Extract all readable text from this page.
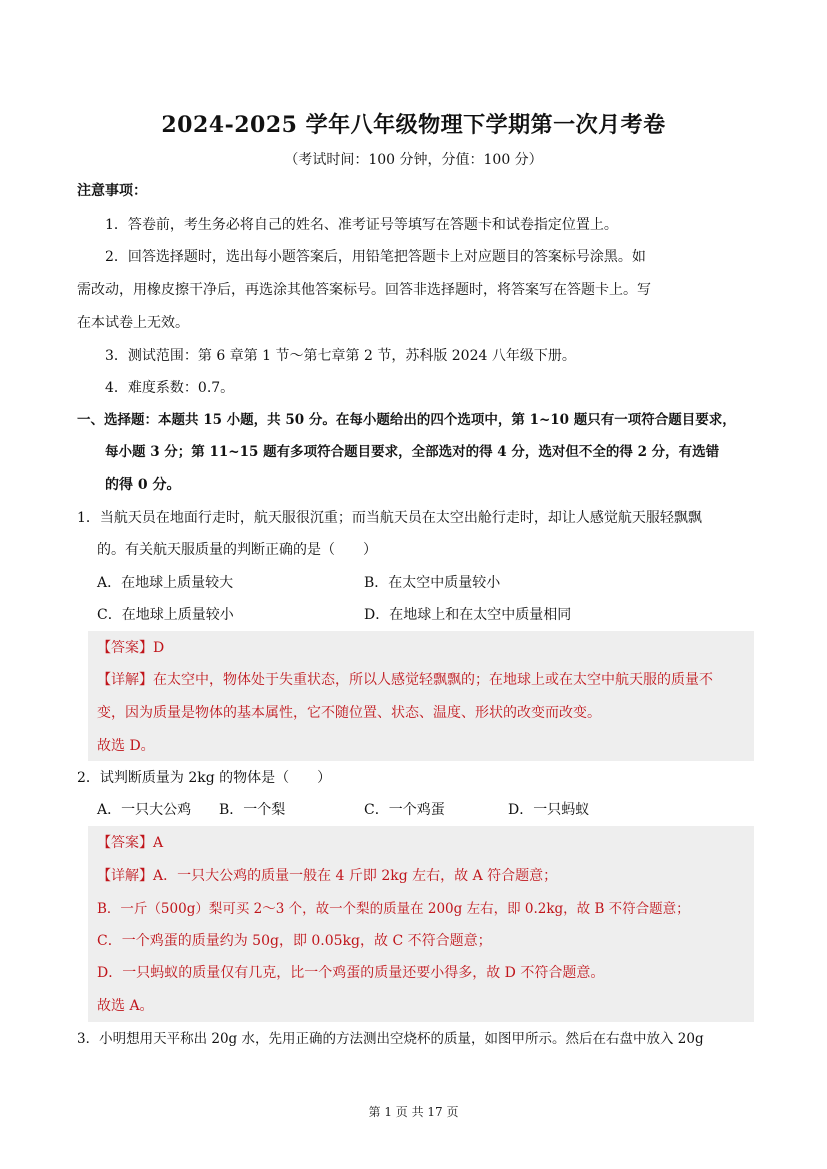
2024-2025 学年八年级物理下学期第一次月考卷
（考试时间：100 分钟，分值：100 分）
注意事项：
1．答卷前，考生务必将自己的姓名、准考证号等填写在答题卡和试卷指定位置上。
2．回答选择题时，选出每小题答案后，用铅笔把答题卡上对应题目的答案标号涂黑。如
需改动，用橡皮擦干净后，再选涂其他答案标号。回答非选择题时，将答案写在答题卡上。写
在本试卷上无效。
3．测试范围：第 6 章第 1 节～第七章第 2 节，苏科版 2024 八年级下册。
4．难度系数：0.7。
一、选择题：本题共 15 小题，共 50 分。在每小题给出的四个选项中，第 1~10 题只有一项符合题目要求，
每小题 3 分；第 11~15 题有多项符合题目要求，全部选对的得 4 分，选对但不全的得 2 分，有选错
的得 0 分。
1．当航天员在地面行走时，航天服很沉重；而当航天员在太空出舱行走时，却让人感觉航天服轻飘飘
的。有关航天服质量的判断正确的是（　　）
A．在地球上质量较大	B．在太空中质量较小
C．在地球上质量较小	D．在地球上和在太空中质量相同
【答案】D
【详解】在太空中，物体处于失重状态，所以人感觉轻飘飘的；在地球上或在太空中航天服的质量不
变，因为质量是物体的基本属性，它不随位置、状态、温度、形状的改变而改变。
故选 D。
2．试判断质量为 2kg 的物体是（　　）
A．一只大公鸡 B．一个梨	C．一个鸡蛋	D．一只蚂蚁
【答案】A
【详解】A．一只大公鸡的质量一般在 4 斤即 2kg 左右，故 A 符合题意；
B．一斤（500g）梨可买 2～3 个，故一个梨的质量在 200g 左右，即 0.2kg，故 B 不符合题意；
C．一个鸡蛋的质量约为 50g，即 0.05kg，故 C 不符合题意；
D．一只蚂蚁的质量仅有几克，比一个鸡蛋的质量还要小得多，故 D 不符合题意。
故选 A。
3．小明想用天平称出 20g 水，先用正确的方法测出空烧杯的质量，如图甲所示。然后在右盘中放入 20g
第 1 页 共 17 页
